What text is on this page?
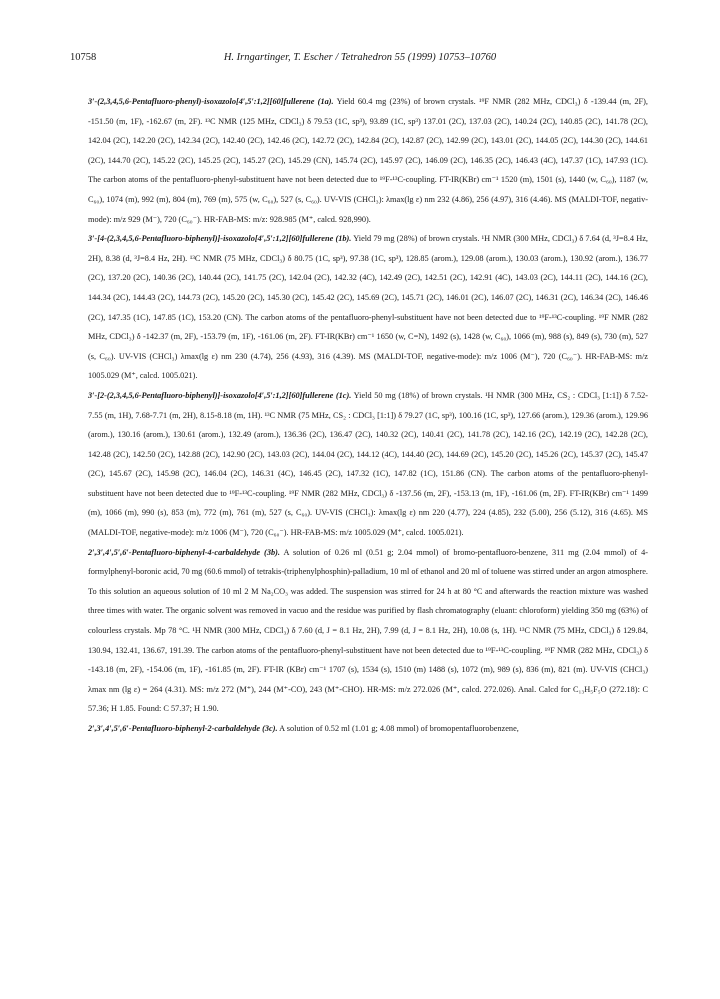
10758	H. Irngartinger, T. Escher / Tetrahedron 55 (1999) 10753–10760

3′-(2,3,4,5,6-Pentafluoro-phenyl)-isoxazolo[4′,5′:1,2][60]fullerene (1a). Yield 60.4 mg (23%) of brown crystals. ¹⁹F NMR (282 MHz, CDCl₃) δ -139.44 (m, 2F), -151.50 (m, 1F), -162.67 (m, 2F). ¹³C NMR (125 MHz, CDCl₃) δ 79.53 (1C, sp³), 93.89 (1C, sp³) 137.01 (2C), 137.03 (2C), 140.24 (2C), 140.85 (2C), 141.78 (2C), 142.04 (2C), 142.20 (2C), 142.34 (2C), 142.40 (2C), 142.46 (2C), 142.72 (2C), 142.84 (2C), 142.87 (2C), 142.99 (2C), 143.01 (2C), 144.05 (2C), 144.30 (2C), 144.61 (2C), 144.70 (2C), 145.22 (2C), 145.25 (2C), 145.27 (2C), 145.29 (CN), 145.74 (2C), 145.97 (2C), 146.09 (2C), 146.35 (2C), 146.43 (4C), 147.37 (1C), 147.93 (1C). The carbon atoms of the pentafluoro-phenyl-substituent have not been detected due to ¹⁹F-¹³C-coupling. FT-IR(KBr) cm⁻¹ 1520 (m), 1501 (s), 1440 (w, C₆₀), 1187 (w, C₆₀), 1074 (m), 992 (m), 804 (m), 769 (m), 575 (w, C₆₀), 527 (s, C₆₀). UV-VIS (CHCl₃): λmax(lg ε) nm 232 (4.86), 256 (4.97), 316 (4.46). MS (MALDI-TOF, negativ-mode): m/z 929 (M⁻), 720 (C₆₀⁻). HR-FAB-MS: m/z: 928.985 (M⁺, calcd. 928,990).

3′-[4-(2,3,4,5,6-Pentafluoro-biphenyl)]-isoxazolo[4′,5′:1,2][60]fullerene (1b). Yield 79 mg (28%) of brown crystals. ¹H NMR (300 MHz, CDCl₃) δ 7.64 (d, ³J=8.4 Hz, 2H), 8.38 (d, ³J=8.4 Hz, 2H). ¹³C NMR (75 MHz, CDCl₃) δ 80.75 (1C, sp³), 97.38 (1C, sp³), 128.85 (arom.), 129.08 (arom.), 130.03 (arom.), 130.92 (arom.), 136.77 (2C), 137.20 (2C), 140.36 (2C), 140.44 (2C), 141.75 (2C), 142.04 (2C), 142.32 (4C), 142.49 (2C), 142.51 (2C), 142.91 (4C), 143.03 (2C), 144.11 (2C), 144.16 (2C), 144.34 (2C), 144.43 (2C), 144.73 (2C), 145.20 (2C), 145.30 (2C), 145.42 (2C), 145.69 (2C), 145.71 (2C), 146.01 (2C), 146.07 (2C), 146.31 (2C), 146.34 (2C), 146.46 (2C), 147.35 (1C), 147.85 (1C), 153.20 (CN). The carbon atoms of the pentafluoro-phenyl-substituent have not been detected due to ¹⁹F-¹³C-coupling. ¹⁹F NMR (282 MHz, CDCl₃) δ -142.37 (m, 2F), -153.79 (m, 1F), -161.06 (m, 2F). FT-IR(KBr) cm⁻¹ 1650 (w, C=N), 1492 (s), 1428 (w, C₆₀), 1066 (m), 988 (s), 849 (s), 730 (m), 527 (s, C₆₀). UV-VIS (CHCl₃) λmax(lg ε) nm 230 (4.74), 256 (4.93), 316 (4.39). MS (MALDI-TOF, negative-mode): m/z 1006 (M⁻), 720 (C₆₀⁻). HR-FAB-MS: m/z 1005.029 (M⁺, calcd. 1005.021).

3′-[2-(2,3,4,5,6-Pentafluoro-biphenyl)]-isoxazolo[4′,5′:1,2][60]fullerene (1c). Yield 50 mg (18%) of brown crystals. ¹H NMR (300 MHz, CS₂ : CDCl₃ [1:1]) δ 7.52-7.55 (m, 1H), 7.68-7.71 (m, 2H), 8.15-8.18 (m, 1H). ¹³C NMR (75 MHz, CS₂ : CDCl₃ [1:1]) δ 79.27 (1C, sp³), 100.16 (1C, sp³), 127.66 (arom.), 129.36 (arom.), 129.96 (arom.), 130.16 (arom.), 130.61 (arom.), 132.49 (arom.), 136.36 (2C), 136.47 (2C), 140.32 (2C), 140.41 (2C), 141.78 (2C), 142.16 (2C), 142.19 (2C), 142.28 (2C), 142.48 (2C), 142.50 (2C), 142.88 (2C), 142.90 (2C), 143.03 (2C), 144.04 (2C), 144.12 (4C), 144.40 (2C), 144.69 (2C), 145.20 (2C), 145.26 (2C), 145.37 (2C), 145.47 (2C), 145.67 (2C), 145.98 (2C), 146.04 (2C), 146.31 (4C), 146.45 (2C), 147.32 (1C), 147.82 (1C), 151.86 (CN). The carbon atoms of the pentafluoro-phenyl-substituent have not been detected due to ¹⁹F-¹³C-coupling. ¹⁹F NMR (282 MHz, CDCl₃) δ -137.56 (m, 2F), -153.13 (m, 1F), -161.06 (m, 2F). FT-IR(KBr) cm⁻¹ 1499 (m), 1066 (m), 990 (s), 853 (m), 772 (m), 761 (m), 527 (s, C₆₀). UV-VIS (CHCl₃): λmax(lg ε) nm 220 (4.77), 224 (4.85), 232 (5.00), 256 (5.12), 316 (4.65). MS (MALDI-TOF, negative-mode): m/z 1006 (M⁻), 720 (C₆₀⁻). HR-FAB-MS: m/z 1005.029 (M⁺, calcd. 1005.021).

2′,3′,4′,5′,6′-Pentafluoro-biphenyl-4-carbaldehyde (3b). A solution of 0.26 ml (0.51 g; 2.04 mmol) of bromo-pentafluoro-benzene, 311 mg (2.04 mmol) of 4-formylphenyl-boronic acid, 70 mg (60.6 mmol) of tetrakis-(triphenylphosphin)-palladium, 10 ml of ethanol and 20 ml of toluene was stirred under an argon atmosphere. To this solution an aqueous solution of 10 ml 2 M Na₂CO₃ was added. The suspension was stirred for 24 h at 80 °C and afterwards the reaction mixture was washed three times with water. The organic solvent was removed in vacuo and the residue was purified by flash chromatography (eluant: chloroform) yielding 350 mg (63%) of colourless crystals. Mp 78 °C. ¹H NMR (300 MHz, CDCl₃) δ 7.60 (d, J = 8.1 Hz, 2H), 7.99 (d, J = 8.1 Hz, 2H), 10.08 (s, 1H). ¹³C NMR (75 MHz, CDCl₃) δ 129.84, 130.94, 132.41, 136.67, 191.39. The carbon atoms of the pentafluoro-phenyl-substituent have not been detected due to ¹⁹F-¹³C-coupling. ¹⁹F NMR (282 MHz, CDCl₃) δ -143.18 (m, 2F), -154.06 (m, 1F), -161.85 (m, 2F). FT-IR (KBr) cm⁻¹ 1707 (s), 1534 (s), 1510 (m) 1488 (s), 1072 (m), 989 (s), 836 (m), 821 (m). UV-VIS (CHCl₃) λmax nm (lg ε) = 264 (4.31). MS: m/z 272 (M⁺), 244 (M⁺-CO), 243 (M⁺-CHO). HR-MS: m/z 272.026 (M⁺, calcd. 272.026). Anal. Calcd for C₁₃H₅F₅O (272.18): C 57.36; H 1.85. Found: C 57.37; H 1.90.

2′,3′,4′,5′,6′-Pentafluoro-biphenyl-2-carbaldehyde (3c). A solution of 0.52 ml (1.01 g; 4.08 mmol) of bromopentafluorobenzene,
